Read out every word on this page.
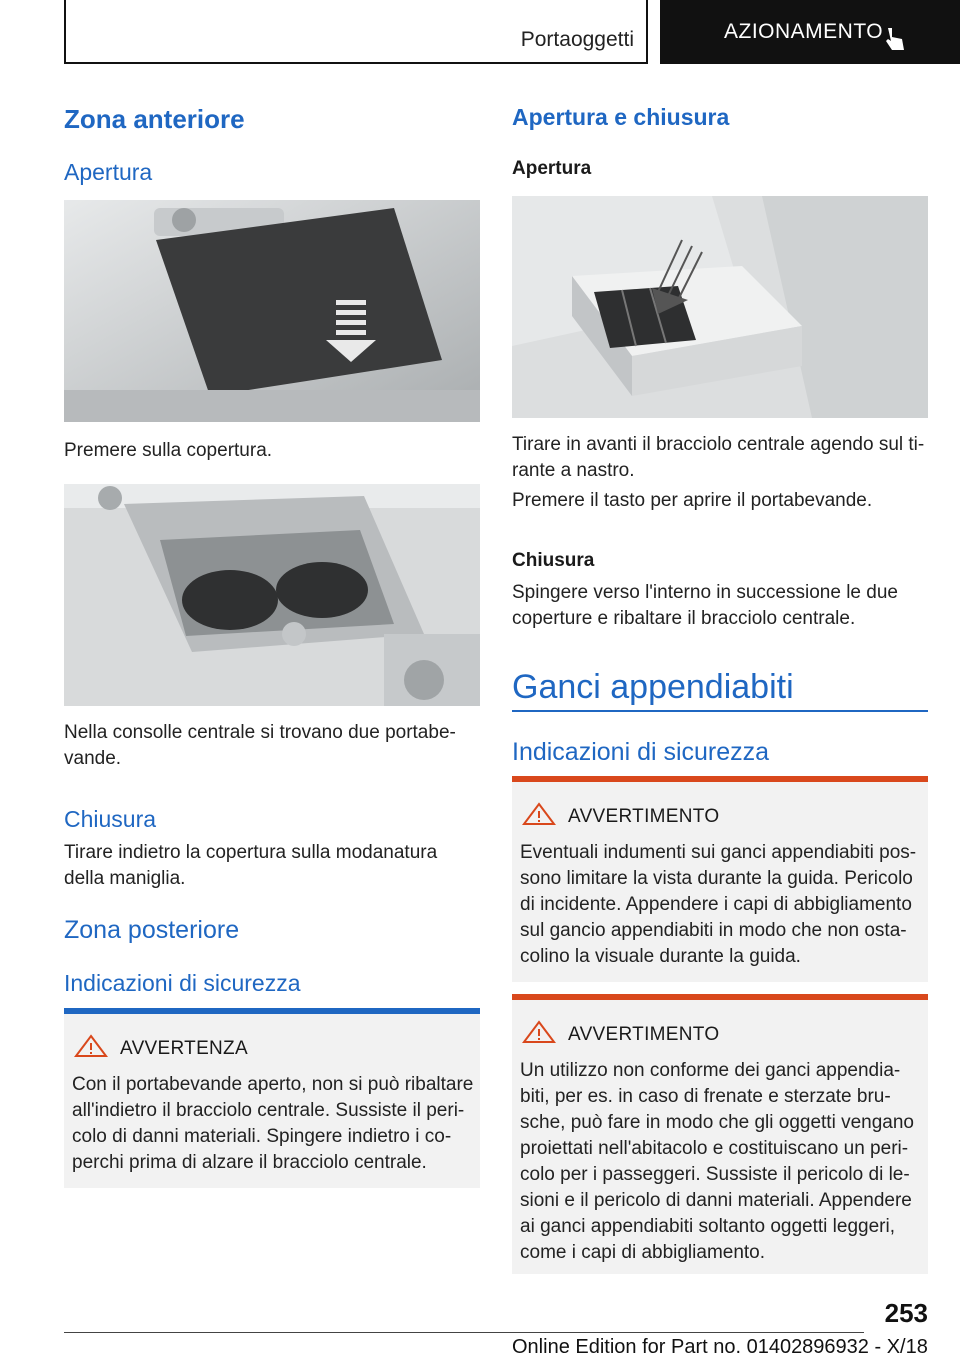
Portaoggetti	AZIONAMENTO
Zona anteriore
Apertura
Premere sulla copertura.
Nella consolle centrale si trovano due portabevande.
Chiusura
Tirare indietro la copertura sulla modanatura della maniglia.
Zona posteriore
Indicazioni di sicurezza
AVVERTENZA
Con il portabevande aperto, non si può ribaltare all'indietro il bracciolo centrale. Sussiste il pericolo di danni materiali. Spingere indietro i coperchi prima di alzare il bracciolo centrale.
Apertura e chiusura
Apertura
Tirare in avanti il bracciolo centrale agendo sul tirante a nastro.
Premere il tasto per aprire il portabevande.
Chiusura
Spingere verso l'interno in successione le due coperture e ribaltare il bracciolo centrale.
Ganci appendiabiti
Indicazioni di sicurezza
AVVERTIMENTO
Eventuali indumenti sui ganci appendiabiti possono limitare la vista durante la guida. Pericolo di incidente. Appendere i capi di abbigliamento sul gancio appendiabiti in modo che non ostacolino la visuale durante la guida.
AVVERTIMENTO
Un utilizzo non conforme dei ganci appendiabiti, per es. in caso di frenate e sterzate brusche, può fare in modo che gli oggetti vengano proiettati nell'abitacolo e costituiscano un pericolo per i passeggeri. Sussiste il pericolo di lesioni e il pericolo di danni materiali. Appendere ai ganci appendiabiti soltanto oggetti leggeri, come i capi di abbigliamento.
253
Online Edition for Part no. 01402896932 - X/18
